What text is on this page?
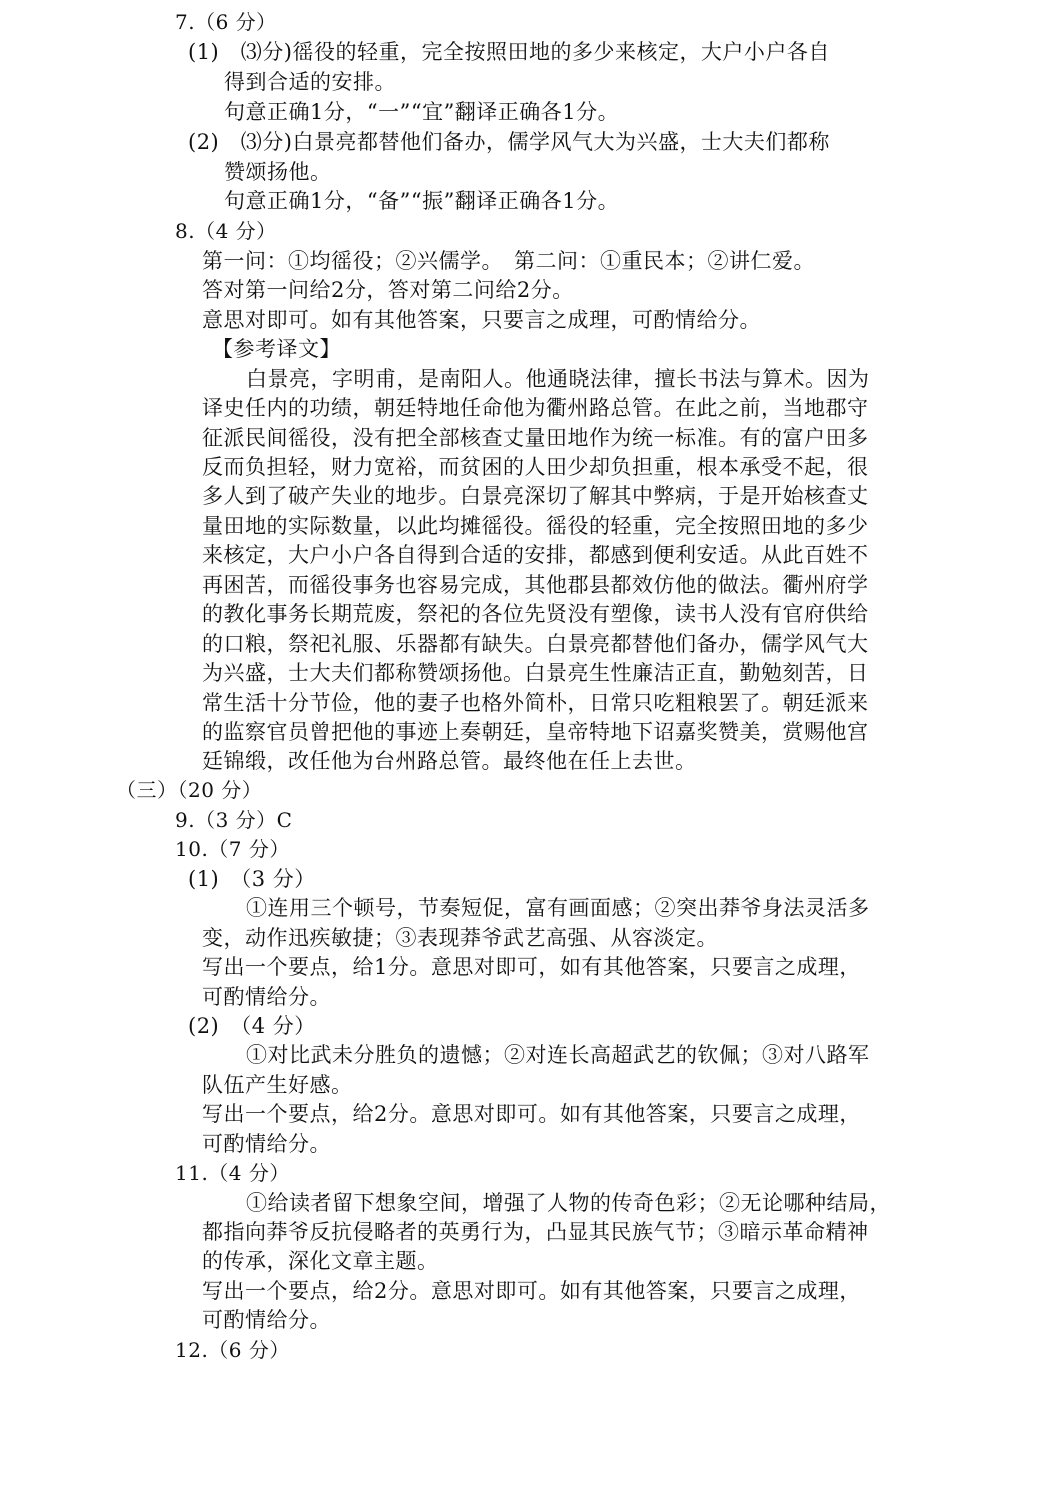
7.（6 分）
(1)　⑶分)徭役的轻重，完全按照田地的多少来核定，大户小户各自
得到合适的安排。
句意正确1分，“一”“宜”翻译正确各1分。
(2)　⑶分)白景亮都替他们备办，儒学风气大为兴盛，士大夫们都称
赞颂扬他。
句意正确1分，“备”“振”翻译正确各1分。
8.（4 分）
第一问：①均徭役；②兴儒学。　第二问：①重民本；②讲仁爱。
答对第一问给2分，答对第二问给2分。
意思对即可。如有其他答案，只要言之成理，可酌情给分。
【参考译文】
白景亮，字明甫，是南阳人。他通晓法律，擅长书法与算术。因为
译史任内的功绩，朝廷特地任命他为衢州路总管。在此之前，当地郡守
征派民间徭役，没有把全部核查丈量田地作为统一标准。有的富户田多
反而负担轻，财力宽裕，而贫困的人田少却负担重，根本承受不起，很
多人到了破产失业的地步。白景亮深切了解其中弊病，于是开始核查丈
量田地的实际数量，以此均摊徭役。徭役的轻重，完全按照田地的多少
来核定，大户小户各自得到合适的安排，都感到便利安适。从此百姓不
再困苦，而徭役事务也容易完成，其他郡县都效仿他的做法。衢州府学
的教化事务长期荒废，祭祀的各位先贤没有塑像，读书人没有官府供给
的口粮，祭祀礼服、乐器都有缺失。白景亮都替他们备办，儒学风气大
为兴盛，士大夫们都称赞颂扬他。白景亮生性廉洁正直，勤勉刻苦，日
常生活十分节俭，他的妻子也格外简朴，日常只吃粗粮罢了。朝廷派来
的监察官员曾把他的事迹上奏朝廷，皇帝特地下诏嘉奖赞美，赏赐他宫
廷锦缎，改任他为台州路总管。最终他在任上去世。
（三）（20 分）
9.（3 分）C
10.（7 分）
(1)　（3 分）
①连用三个顿号，节奏短促，富有画面感；②突出莽爷身法灵活多
变，动作迅疾敏捷；③表现莽爷武艺高强、从容淡定。
写出一个要点，给1分。意思对即可，如有其他答案，只要言之成理，
可酌情给分。
(2)　（4 分）
①对比武未分胜负的遗憾；②对连长高超武艺的钦佩；③对八路军
队伍产生好感。
写出一个要点，给2分。意思对即可。如有其他答案，只要言之成理，
可酌情给分。
11.（4 分）
①给读者留下想象空间，增强了人物的传奇色彩；②无论哪种结局，
都指向莽爷反抗侵略者的英勇行为，凸显其民族气节；③暗示革命精神
的传承，深化文章主题。
写出一个要点，给2分。意思对即可。如有其他答案，只要言之成理，
可酌情给分。
12.（6 分）
